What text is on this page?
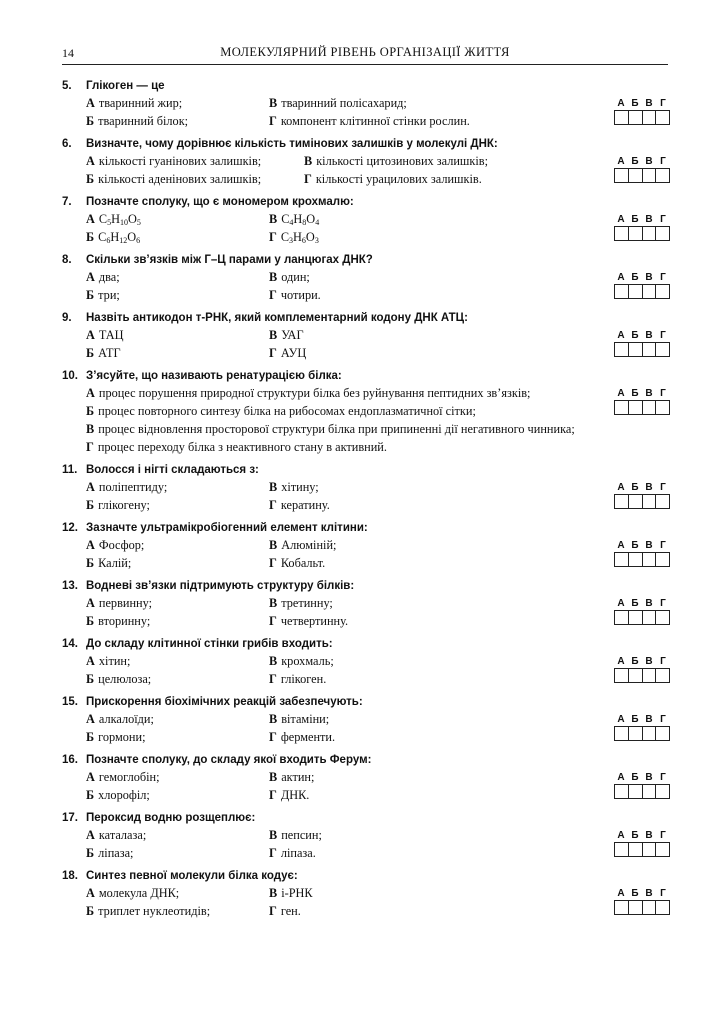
14	МОЛЕКУЛЯРНИЙ РІВЕНЬ ОРГАНІЗАЦІЇ ЖИТТЯ
5.	Глікоген — це
А тваринний жир;	В тваринний полісахарид;
Б тваринний білок;	Г компонент клітинної стінки рослин.
А Б В Г
6.	Визначте, чому дорівнює кількість тимінових залишків у молекулі ДНК:
А кількості гуанінових залишків;	В кількості цитозинових залишків;
Б кількості аденінових залишків;	Г кількості урацилових залишків.
А Б В Г
7.	Позначте сполуку, що є мономером крохмалю:
А $C_5H_{10}O_5$	В $C_4H_8O_4$
Б $C_6H_{12}O_6$	Г $C_3H_6O_3$
А Б В Г
8.	Скільки зв’язків між Г–Ц парами у ланцюгах ДНК?
А два;	В один;
Б три;	Г чотири.
А Б В Г
9.	Назвіть антикодон т-РНК, який комплементарний кодону ДНК АТЦ:
А ТАЦ	В УАГ
Б АТГ	Г АУЦ
А Б В Г
10. З’ясуйте, що називають ренатурацією білка:
А процес порушення природної структури білка без руйнування пептидних зв’язків;
Б процес повторного синтезу білка на рибосомах ендоплазматичної сітки;
В процес відновлення просторової структури білка при припиненні дії негативного чинника;
Г процес переходу білка з неактивного стану в активний.
А Б В Г
11. Волосся і нігті складаються з:
А поліпептиду;	В хітину;
Б глікогену;	Г кератину.
А Б В Г
12. Зазначте ультрамікробіогенний елемент клітини:
А Фосфор;	В Алюміній;
Б Калій;	Г Кобальт.
А Б В Г
13. Водневі зв’язки підтримують структуру білків:
А первинну;	В третинну;
Б вторинну;	Г четвертинну.
А Б В Г
14. До складу клітинної стінки грибів входить:
А хітин;	В крохмаль;
Б целюлоза;	Г глікоген.
А Б В Г
15. Прискорення біохімічних реакцій забезпечують:
А алкалоїди;	В вітаміни;
Б гормони;	Г ферменти.
А Б В Г
16. Позначте сполуку, до складу якої входить Ферум:
А гемоглобін;	В актин;
Б хлорофіл;	Г ДНК.
А Б В Г
17. Пероксид водню розщеплює:
А каталаза;	В пепсин;
Б ліпаза;	Г ліпаза.
А Б В Г
18. Синтез певної молекули білка кодує:
А молекула ДНК;	В і-РНК
Б триплет нуклеотидів;	Г ген.
А Б В Г
